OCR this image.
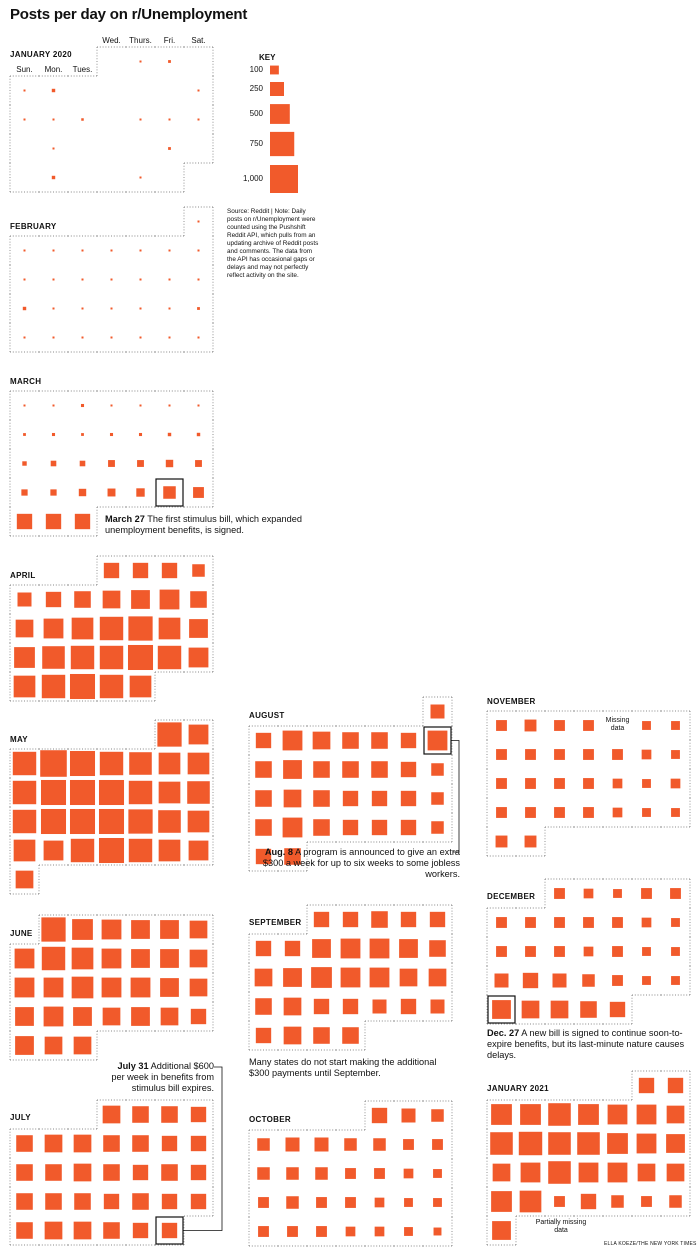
Posts per day on r/Unemployment
JANUARY 2020
FEBRUARY
MARCH
APRIL
MAY
JUNE
JULY
AUGUST
SEPTEMBER
OCTOBER
NOVEMBER
DECEMBER
JANUARY 2021
Sun. Mon. Tues.
Wed. Thurs. Fri. Sat.
KEY
100
250
500
750
1,000
Source: Reddit | Note: Daily posts on r/Unemployment were counted using the Pushshift Reddit API, which pulls from an updating archive of Reddit posts and comments. The data from the API has occasional gaps or delays and may not perfectly reflect activity on the site.
March 27 The first stimulus bill, which expanded unemployment benefits, is signed.
July 31 Additional $600 per week in benefits from stimulus bill expires.
Aug. 8 A program is announced to give an extra $300 a week for up to six weeks to some jobless workers.
Dec. 27 A new bill is signed to continue soon-to-expire benefits, but its last-minute nature causes delays.
Many states do not start making the additional $300 payments until September.
Missing data
Partially missing data
ELLA KOEZE/THE NEW YORK TIMES
